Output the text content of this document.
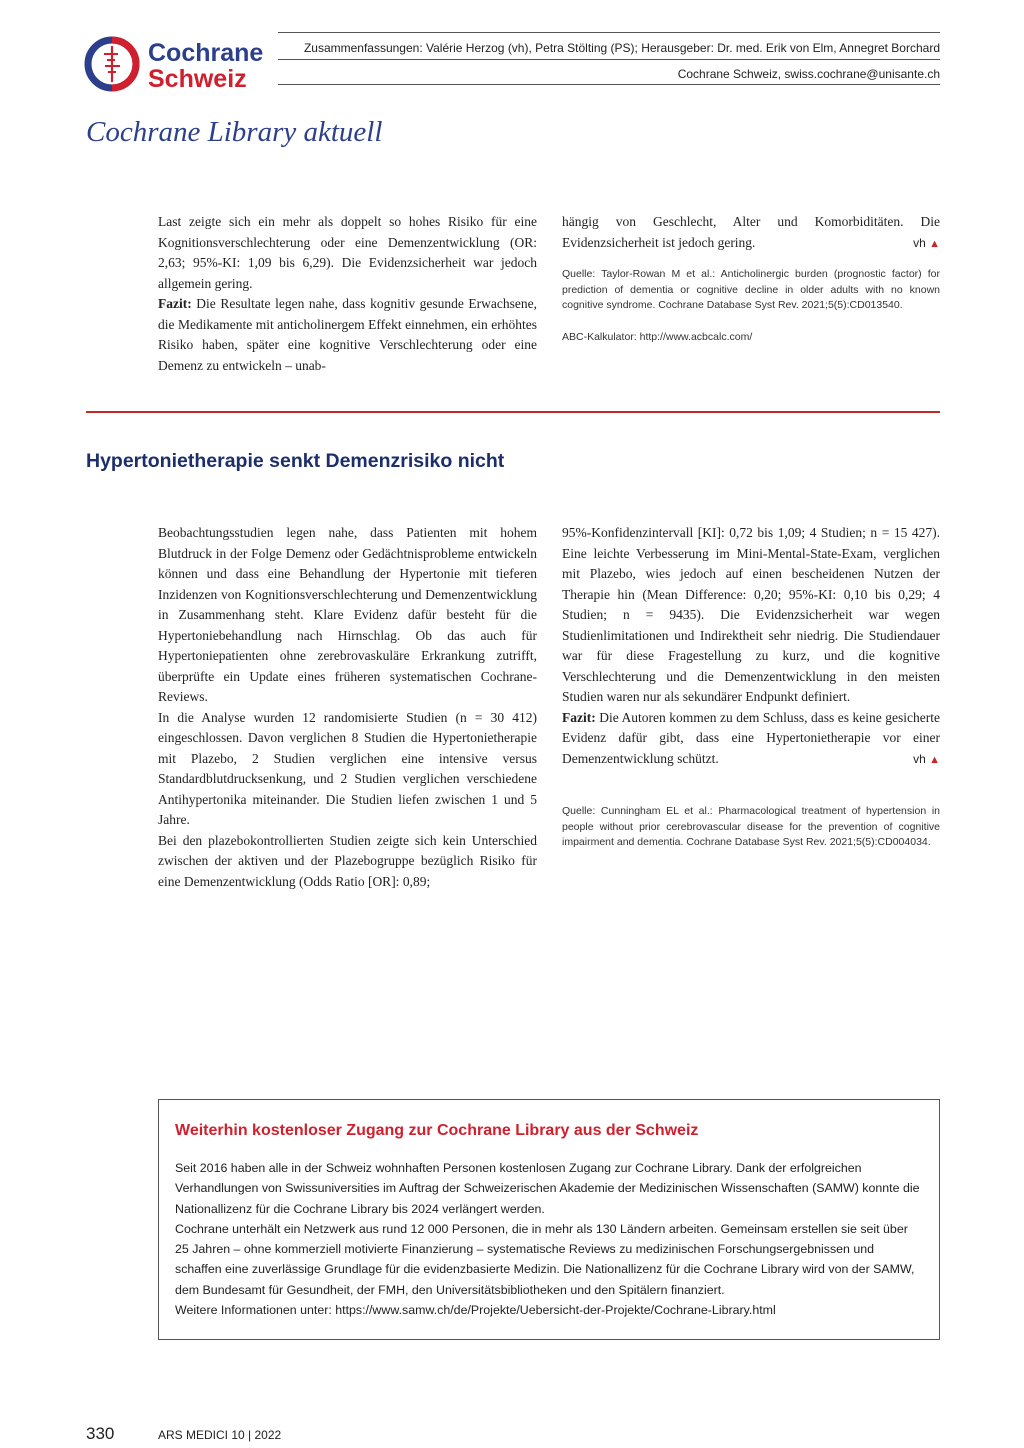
Cochrane
Schweiz
Zusammenfassungen: Valérie Herzog (vh), Petra Stölting (PS); Herausgeber: Dr. med. Erik von Elm, Annegret Borchard
Cochrane Schweiz, swiss.cochrane@unisante.ch
Cochrane Library aktuell

Last zeigte sich ein mehr als doppelt so hohes Risiko für eine Kognitionsverschlechterung oder eine Demenzentwicklung (OR: 2,63; 95%-KI: 1,09 bis 6,29). Die Evidenzsicherheit war jedoch allgemein gering.

Fazit: Die Resultate legen nahe, dass kognitiv gesunde Erwachsene, die Medikamente mit anticholinergem Effekt einnehmen, ein erhöhtes Risiko haben, später eine kognitive Verschlechterung oder eine Demenz zu entwickeln – unab-

hängig von Geschlecht, Alter und Komorbiditäten. Die Evidenzsicherheit ist jedoch gering.	vh ▲

Quelle: Taylor-Rowan M et al.: Anticholinergic burden (prognostic factor) for prediction of dementia or cognitive decline in older adults with no known cognitive syndrome. Cochrane Database Syst Rev. 2021;5(5):CD013540.
ABC-Kalkulator: http://www.acbcalc.com/
Hypertonietherapie senkt Demenzrisiko nicht

Beobachtungsstudien legen nahe, dass Patienten mit hohem Blutdruck in der Folge Demenz oder Gedächtnisprobleme entwickeln können und dass eine Behandlung der Hypertonie mit tieferen Inzidenzen von Kognitionsverschlechterung und Demenzentwicklung in Zusammenhang steht. Klare Evidenz dafür besteht für die Hypertoniebehandlung nach Hirnschlag. Ob das auch für Hypertoniepatienten ohne zerebrovaskuläre Erkrankung zutrifft, überprüfte ein Update eines früheren systematischen Cochrane-Reviews.

In die Analyse wurden 12 randomisierte Studien (n = 30 412) eingeschlossen. Davon verglichen 8 Studien die Hypertonietherapie mit Plazebo, 2 Studien verglichen eine intensive versus Standardblutdrucksenkung, und 2 Studien verglichen verschiedene Antihypertonika miteinander. Die Studien liefen zwischen 1 und 5 Jahre.

Bei den plazebokontrollierten Studien zeigte sich kein Unterschied zwischen der aktiven und der Plazebogruppe bezüglich Risiko für eine Demenzentwicklung (Odds Ratio [OR]: 0,89;

95%-Konfidenzintervall [KI]: 0,72 bis 1,09; 4 Studien; n = 15 427). Eine leichte Verbesserung im Mini-Mental-State-Exam, verglichen mit Plazebo, wies jedoch auf einen bescheidenen Nutzen der Therapie hin (Mean Difference: 0,20; 95%-KI: 0,10 bis 0,29; 4 Studien; n = 9435). Die Evidenzsicherheit war wegen Studienlimitationen und Indirektheit sehr niedrig. Die Studiendauer war für diese Fragestellung zu kurz, und die kognitive Verschlechterung und die Demenzentwicklung in den meisten Studien waren nur als sekundärer Endpunkt definiert.

Fazit: Die Autoren kommen zu dem Schluss, dass es keine gesicherte Evidenz dafür gibt, dass eine Hypertonietherapie vor einer Demenzentwicklung schützt.	vh ▲

Quelle: Cunningham EL et al.: Pharmacological treatment of hypertension in people without prior cerebrovascular disease for the prevention of cognitive impairment and dementia. Cochrane Database Syst Rev. 2021;5(5):CD004034.
Weiterhin kostenloser Zugang zur Cochrane Library aus der Schweiz

Seit 2016 haben alle in der Schweiz wohnhaften Personen kostenlosen Zugang zur Cochrane Library. Dank der erfolgreichen Verhandlungen von Swissuniversities im Auftrag der Schweizerischen Akademie der Medizinischen Wissenschaften (SAMW) konnte die Nationallizenz für die Cochrane Library bis 2024 verlängert werden.

Cochrane unterhält ein Netzwerk aus rund 12 000 Personen, die in mehr als 130 Ländern arbeiten. Gemeinsam erstellen sie seit über 25 Jahren – ohne kommerziell motivierte Finanzierung – systematische Reviews zu medizinischen Forschungsergebnissen und schaffen eine zuverlässige Grundlage für die evidenzbasierte Medizin. Die Nationallizenz für die Cochrane Library wird von der SAMW, dem Bundesamt für Gesundheit, der FMH, den Universitätsbibliotheken und den Spitälern finanziert.

Weitere Informationen unter: https://www.samw.ch/de/Projekte/Uebersicht-der-Projekte/Cochrane-Library.html

330	ARS MEDICI 10 | 2022
